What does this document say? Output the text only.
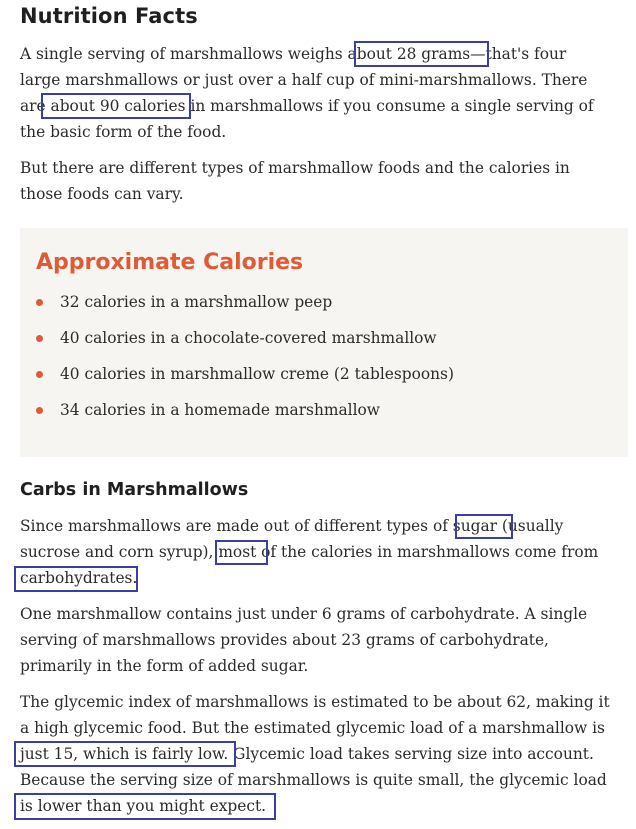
Nutrition Facts

A single serving of marshmallows weighs about 28 grams—that's four
large marshmallows or just over a half cup of mini-marshmallows. There
are about 90 calories in marshmallows if you consume a single serving of
the basic form of the food.

But there are different types of marshmallow foods and the calories in
those foods can vary.

Approximate Calories
32 calories in a marshmallow peep
40 calories in a chocolate-covered marshmallow
40 calories in marshmallow creme (2 tablespoons)
34 calories in a homemade marshmallow
Carbs in Marshmallows

Since marshmallows are made out of different types of sugar (usually
sucrose and corn syrup), most of the calories in marshmallows come from
carbohydrates.

One marshmallow contains just under 6 grams of carbohydrate. A single
serving of marshmallows provides about 23 grams of carbohydrate,
primarily in the form of added sugar.

The glycemic index of marshmallows is estimated to be about 62, making it
a high glycemic food. But the estimated glycemic load of a marshmallow is
just 15, which is fairly low. Glycemic load takes serving size into account.
Because the serving size of marshmallows is quite small, the glycemic load
is lower than you might expect.
